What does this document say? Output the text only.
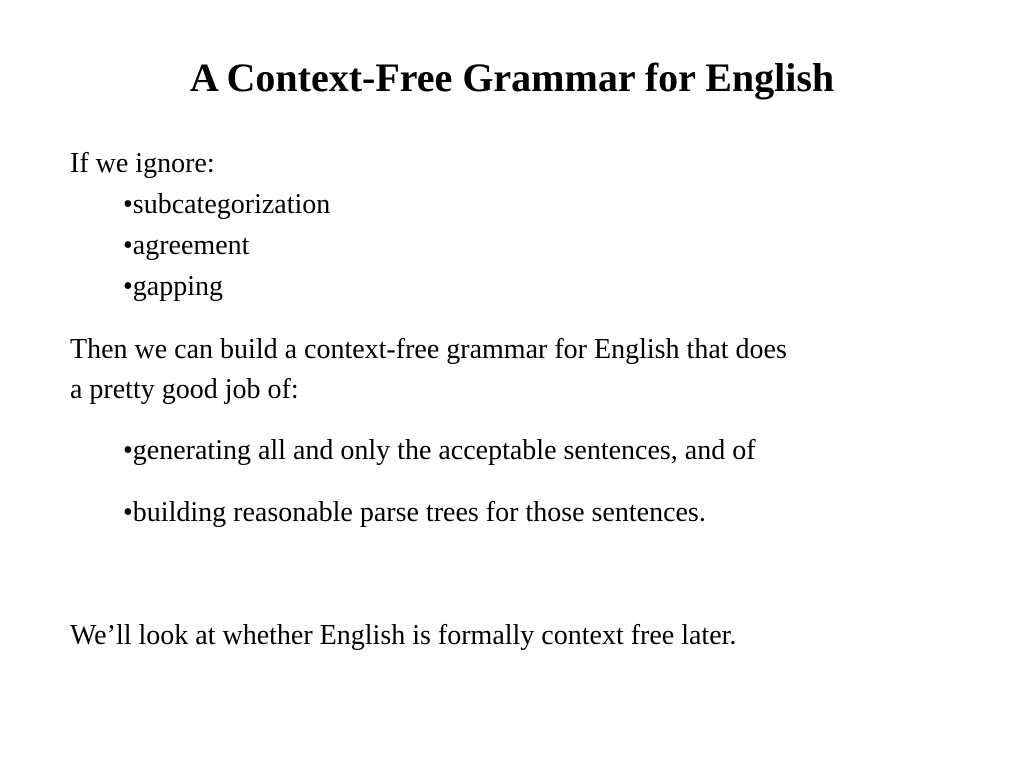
A Context-Free Grammar for English
If we ignore:
•subcategorization
•agreement
•gapping
Then we can build a context-free grammar for English that does
a pretty good job of:
•generating all and only the acceptable sentences, and of
•building reasonable parse trees for those sentences.
We’ll look at whether English is formally context free later.
